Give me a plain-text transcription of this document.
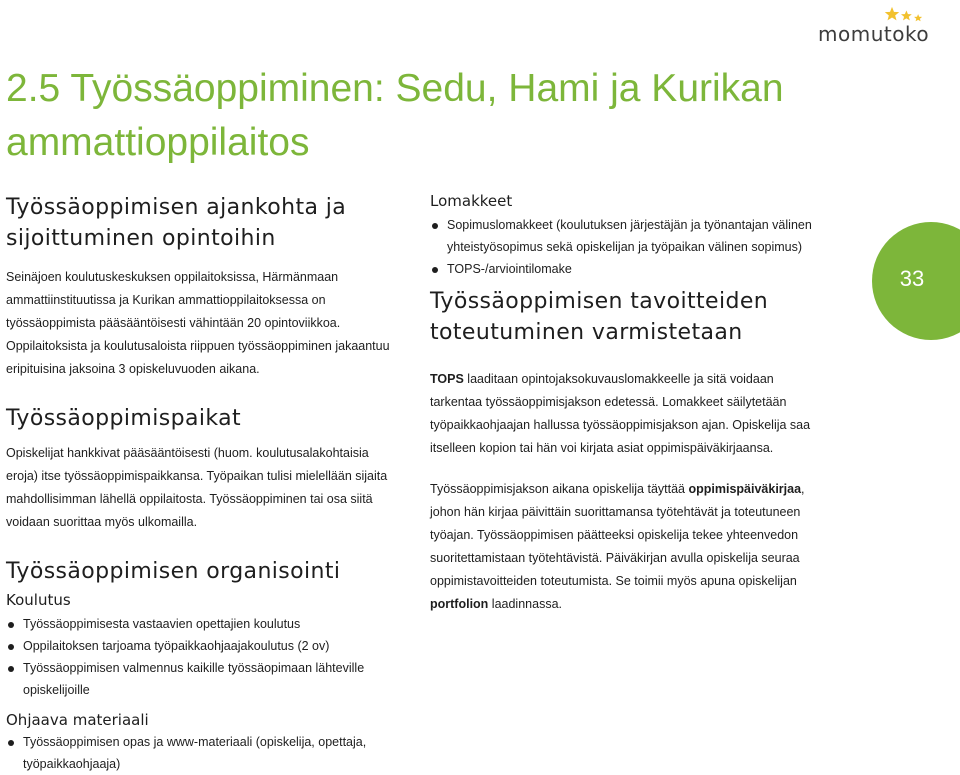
momutoko
2.5 Työssäoppiminen: Sedu, Hami ja Kurikan ammattioppilaitos
Työssäoppimisen ajankohta ja sijoittuminen opintoihin

Seinäjoen koulutuskeskuksen oppilaitoksissa, Härmänmaan ammattiinstituutissa ja Kurikan ammattioppilaitoksessa on työssäoppimista pääsääntöisesti vähintään 20 opintoviikkoa. Oppilaitoksista ja koulutusaloista riippuen työssäoppiminen jakaantuu eripituisina jaksoina 3 opiskeluvuoden aikana.

Työssäoppimispaikat

Opiskelijat hankkivat pääsääntöisesti (huom. koulutusalakohtaisia eroja) itse työssäoppimispaikkansa. Työpaikan tulisi mielellään sijaita mahdollisimman lähellä oppilaitosta. Työssäoppiminen tai osa siitä voidaan suorittaa myös ulkomailla.

Työssäoppimisen organisointi
Koulutus
Työssäoppimisesta vastaavien opettajien koulutus
Oppilaitoksen tarjoama työpaikkaohjaajakoulutus (2 ov)
Työssäoppimisen valmennus kaikille työssäopimaan lähteville opiskelijoille
Ohjaava materiaali
Työssäoppimisen opas ja www-materiaali (opiskelija, opettaja, työpaikkaohjaaja)
Lomakkeet
Sopimuslomakkeet (koulutuksen järjestäjän ja työnantajan välinen yhteistyösopimus sekä opiskelijan ja työpaikan välinen sopimus)
TOPS-/arviointilomake
Työssäoppimisen tavoitteiden toteutuminen varmistetaan

TOPS laaditaan opintojaksokuvauslomakkeelle ja sitä voidaan tarkentaa työssäoppimisjakson edetessä. Lomakkeet säilytetään työpaikkaohjaajan hallussa työssäoppimisjakson ajan. Opiskelija saa itselleen kopion tai hän voi kirjata asiat oppimispäiväkirjaansa.

Työssäoppimisjakson aikana opiskelija täyttää oppimispäiväkirjaa, johon hän kirjaa päivittäin suorittamansa työtehtävät ja toteutuneen työajan. Työssäoppimisen päätteeksi opiskelija tekee yhteenvedon suoritettamistaan työtehtävistä. Päiväkirjan avulla opiskelija seuraa oppimistavoitteiden toteutumista. Se toimii myös apuna opiskelijan portfolion laadinnassa.

33
